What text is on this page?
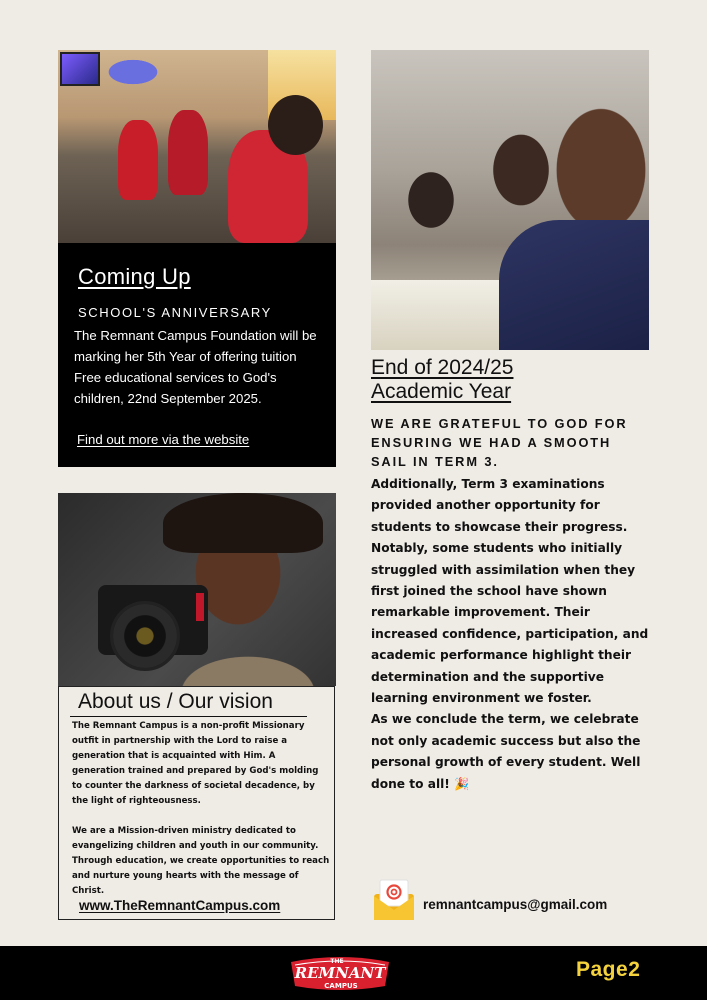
Coming Up
SCHOOL'S ANNIVERSARY
The Remnant Campus Foundation will be marking her 5th Year of offering tuition Free educational services to God's children, 22nd September 2025.
Find out more via the website
About us / Our vision
The Remnant Campus is a non-profit Missionary outfit in partnership with the Lord to raise a generation that is acquainted with Him. A generation trained and prepared by God's molding to counter the darkness of societal decadence, by the light of righteousness.
We are a Mission-driven ministry dedicated to evangelizing children and youth in our community. Through education, we create opportunities to reach and nurture young hearts with the message of Christ.
www.TheRemnantCampus.com
End of 2024/25
Academic Year
WE ARE GRATEFUL TO GOD FOR ENSURING WE HAD A SMOOTH SAIL IN TERM 3.
Additionally, Term 3 examinations provided another opportunity for students to showcase their progress. Notably, some students who initially struggled with assimilation when they first joined the school have shown remarkable improvement. Their increased confidence, participation, and academic performance highlight their determination and the supportive learning environment we foster.
As we conclude the term, we celebrate not only academic success but also the personal growth of every student. Well done to all! 🎉
remnantcampus@gmail.com
THE
REMNANT
CAMPUS
Page2
